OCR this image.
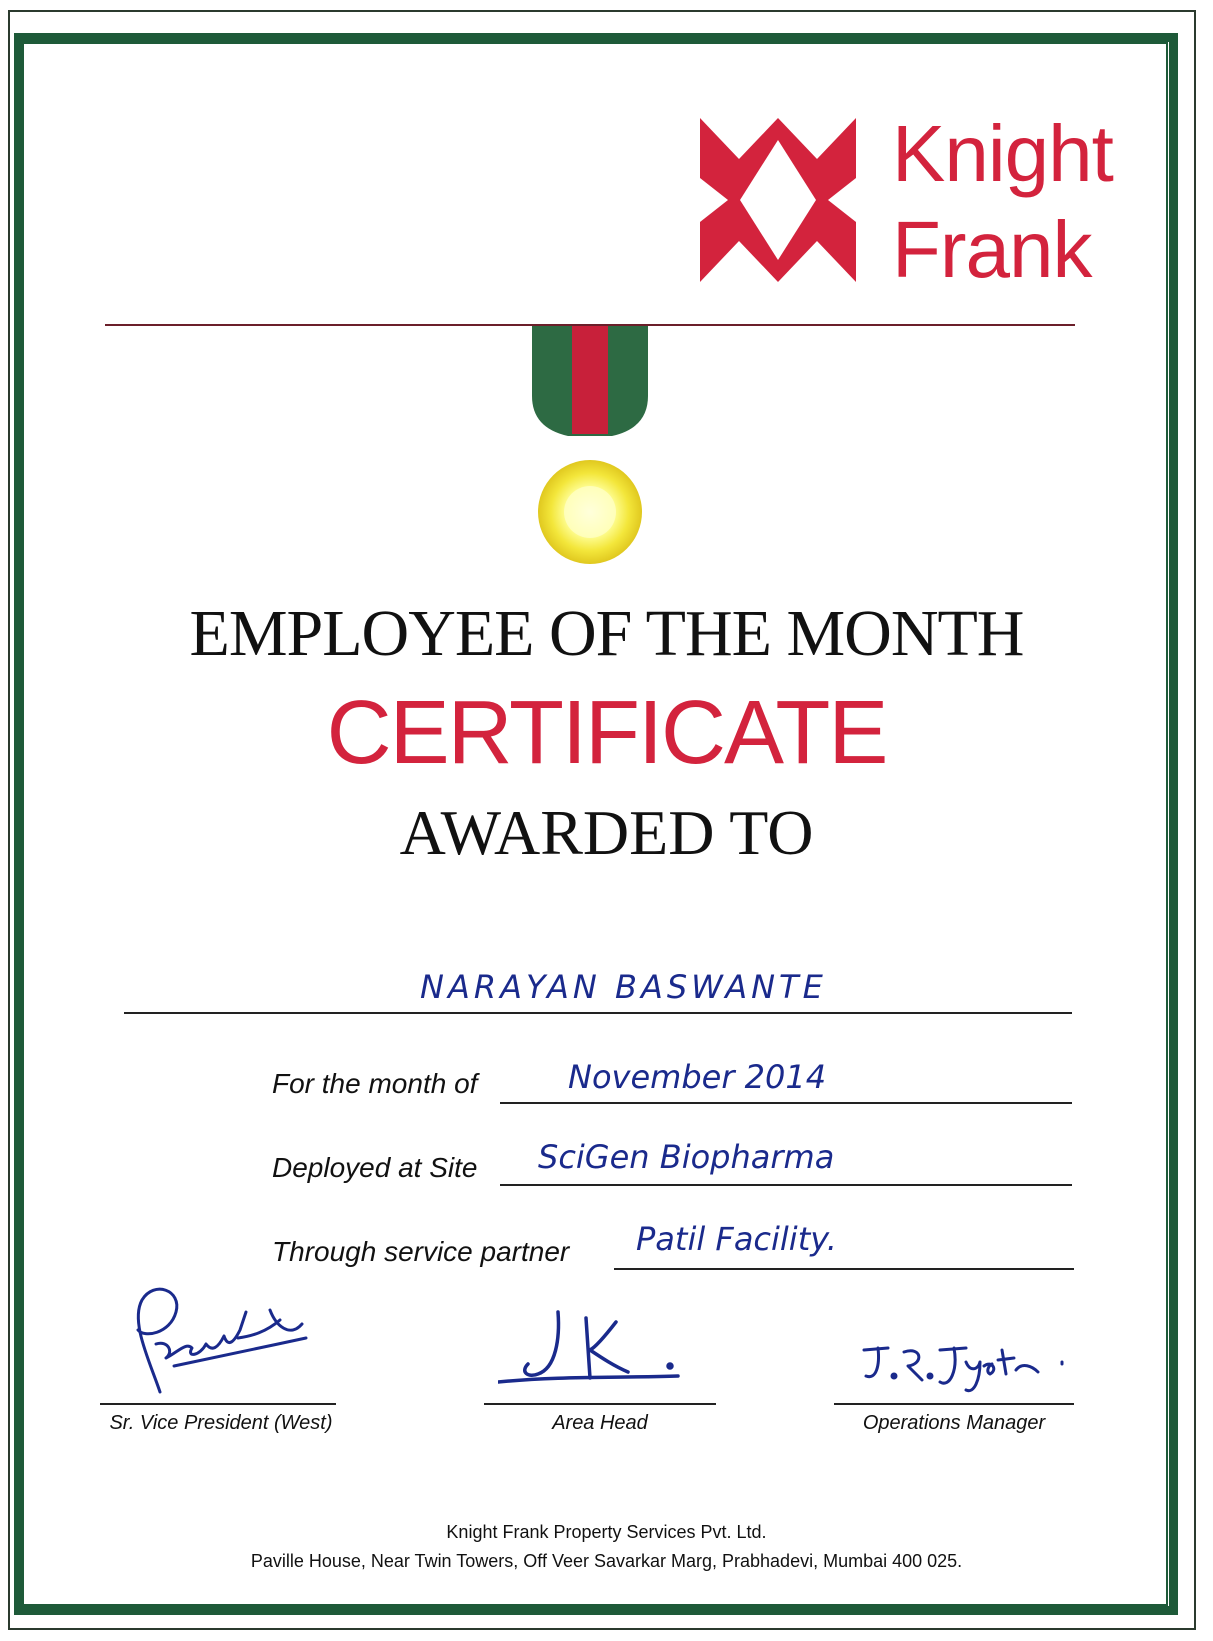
Knight
Frank
EMPLOYEE OF THE MONTH
CERTIFICATE
AWARDED TO
NARAYAN BASWANTE
For the month of	November 2014
Deployed at Site SciGen Biopharma
Through service partner Patil Facility.
Prashant
Sr. Vice President (West)
JK
Area Head
J.R. Jyoti
Operations Manager
Knight Frank Property Services Pvt. Ltd.
Paville House, Near Twin Towers, Off Veer Savarkar Marg, Prabhadevi, Mumbai 400 025.
